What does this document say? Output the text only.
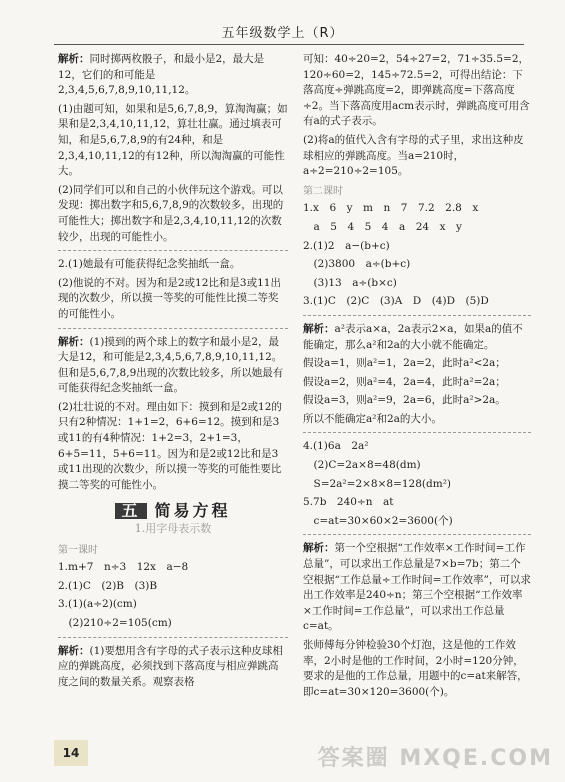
五年级数学上（R）

解析：同时掷两枚骰子，和最小是2，最大是12，它们的和可能是2,3,4,5,6,7,8,9,10,11,12。

(1)由题可知，如果和是5,6,7,8,9，算淘淘赢；如果和是2,3,4,10,11,12，算壮壮赢。通过填表可知，和是5,6,7,8,9的有24种，和是2,3,4,10,11,12的有12种，所以淘淘赢的可能性大。

(2)同学们可以和自己的小伙伴玩这个游戏。可以发现：掷出数字和5,6,7,8,9的次数较多，出现的可能性大；掷出数字和是2,3,4,10,11,12的次数较少，出现的可能性小。

2.(1)她最有可能获得纪念奖抽纸一盒。

(2)他说的不对。因为和是2或12比和是3或11出现的次数少，所以摸一等奖的可能性比摸二等奖的可能性小。

解析：(1)摸到的两个球上的数字和最小是2，最大是12，和可能是2,3,4,5,6,7,8,9,10,11,12。但和是5,6,7,8,9出现的次数比较多，所以她最有可能获得纪念奖抽纸一盒。

(2)壮壮说的不对。理由如下：摸到和是2或12的只有2种情况：1+1=2，6+6=12。摸到和是3或11的有4种情况：1+2=3，2+1=3，6+5=11，5+6=11。因为和是2或12比和是3或11出现的次数少，所以摸一等奖的可能性要比摸二等奖的可能性小。

五 简易方程
1.用字母表示数
第一课时

1.m+7　n÷3　12x　a−8

2.(1)C　(2)B　(3)B

3.(1)(a÷2)(cm)

　(2)210÷2=105(cm)

解析：(1)要想用含有字母的式子表示这种皮球相应的弹跳高度，必须找到下落高度与相应弹跳高度之间的数量关系。观察表格

可知：40÷20=2，54÷27=2，71÷35.5=2，120÷60=2，145÷72.5=2，可得出结论：下落高度÷弹跳高度=2，即弹跳高度=下落高度÷2。当下落高度用acm表示时，弹跳高度可用含有a的式子表示。

(2)将a的值代入含有字母的式子里，求出这种皮球相应的弹跳高度。当a=210时，a÷2=210÷2=105。

第二课时

1.x　6　y　m　n　7　7.2　2.8　x

　a　5　4　5　4　a　24　x　y

2.(1)2　a−(b+c)

　(2)3800　a÷(b+c)

　(3)13　a÷(b×c)

3.(1)C　(2)C　(3)A　D　(4)D　(5)D

解析：a²表示a×a，2a表示2×a，如果a的值不能确定，那么a²和2a的大小就不能确定。

假设a=1，则a²=1，2a=2，此时a²<2a；

假设a=2，则a²=4，2a=4，此时a²=2a；

假设a=3，则a²=9，2a=6，此时a²>2a。

所以不能确定a²和2a的大小。

4.(1)6a　2a²

　(2)C=2a×8=48(dm)

　S=2a²=2×8×8=128(dm²)

5.7b　240÷n　at

　c=at=30×60×2=3600(个)

解析：第一个空根据“工作效率×工作时间=工作总量”，可以求出工作总量是7×b=7b；第二个空根据“工作总量÷工作时间=工作效率”，可以求出工作效率是240÷n；第三个空根据“工作效率×工作时间=工作总量”，可以求出工作总量c=at。

张师傅每分钟检验30个灯泡，这是他的工作效率，2小时是他的工作时间，2小时=120分钟，要求的是他的工作总量，用题中的c=at来解答，即c=at=30×120=3600(个)。

14	答案圈 MXQE.COM
